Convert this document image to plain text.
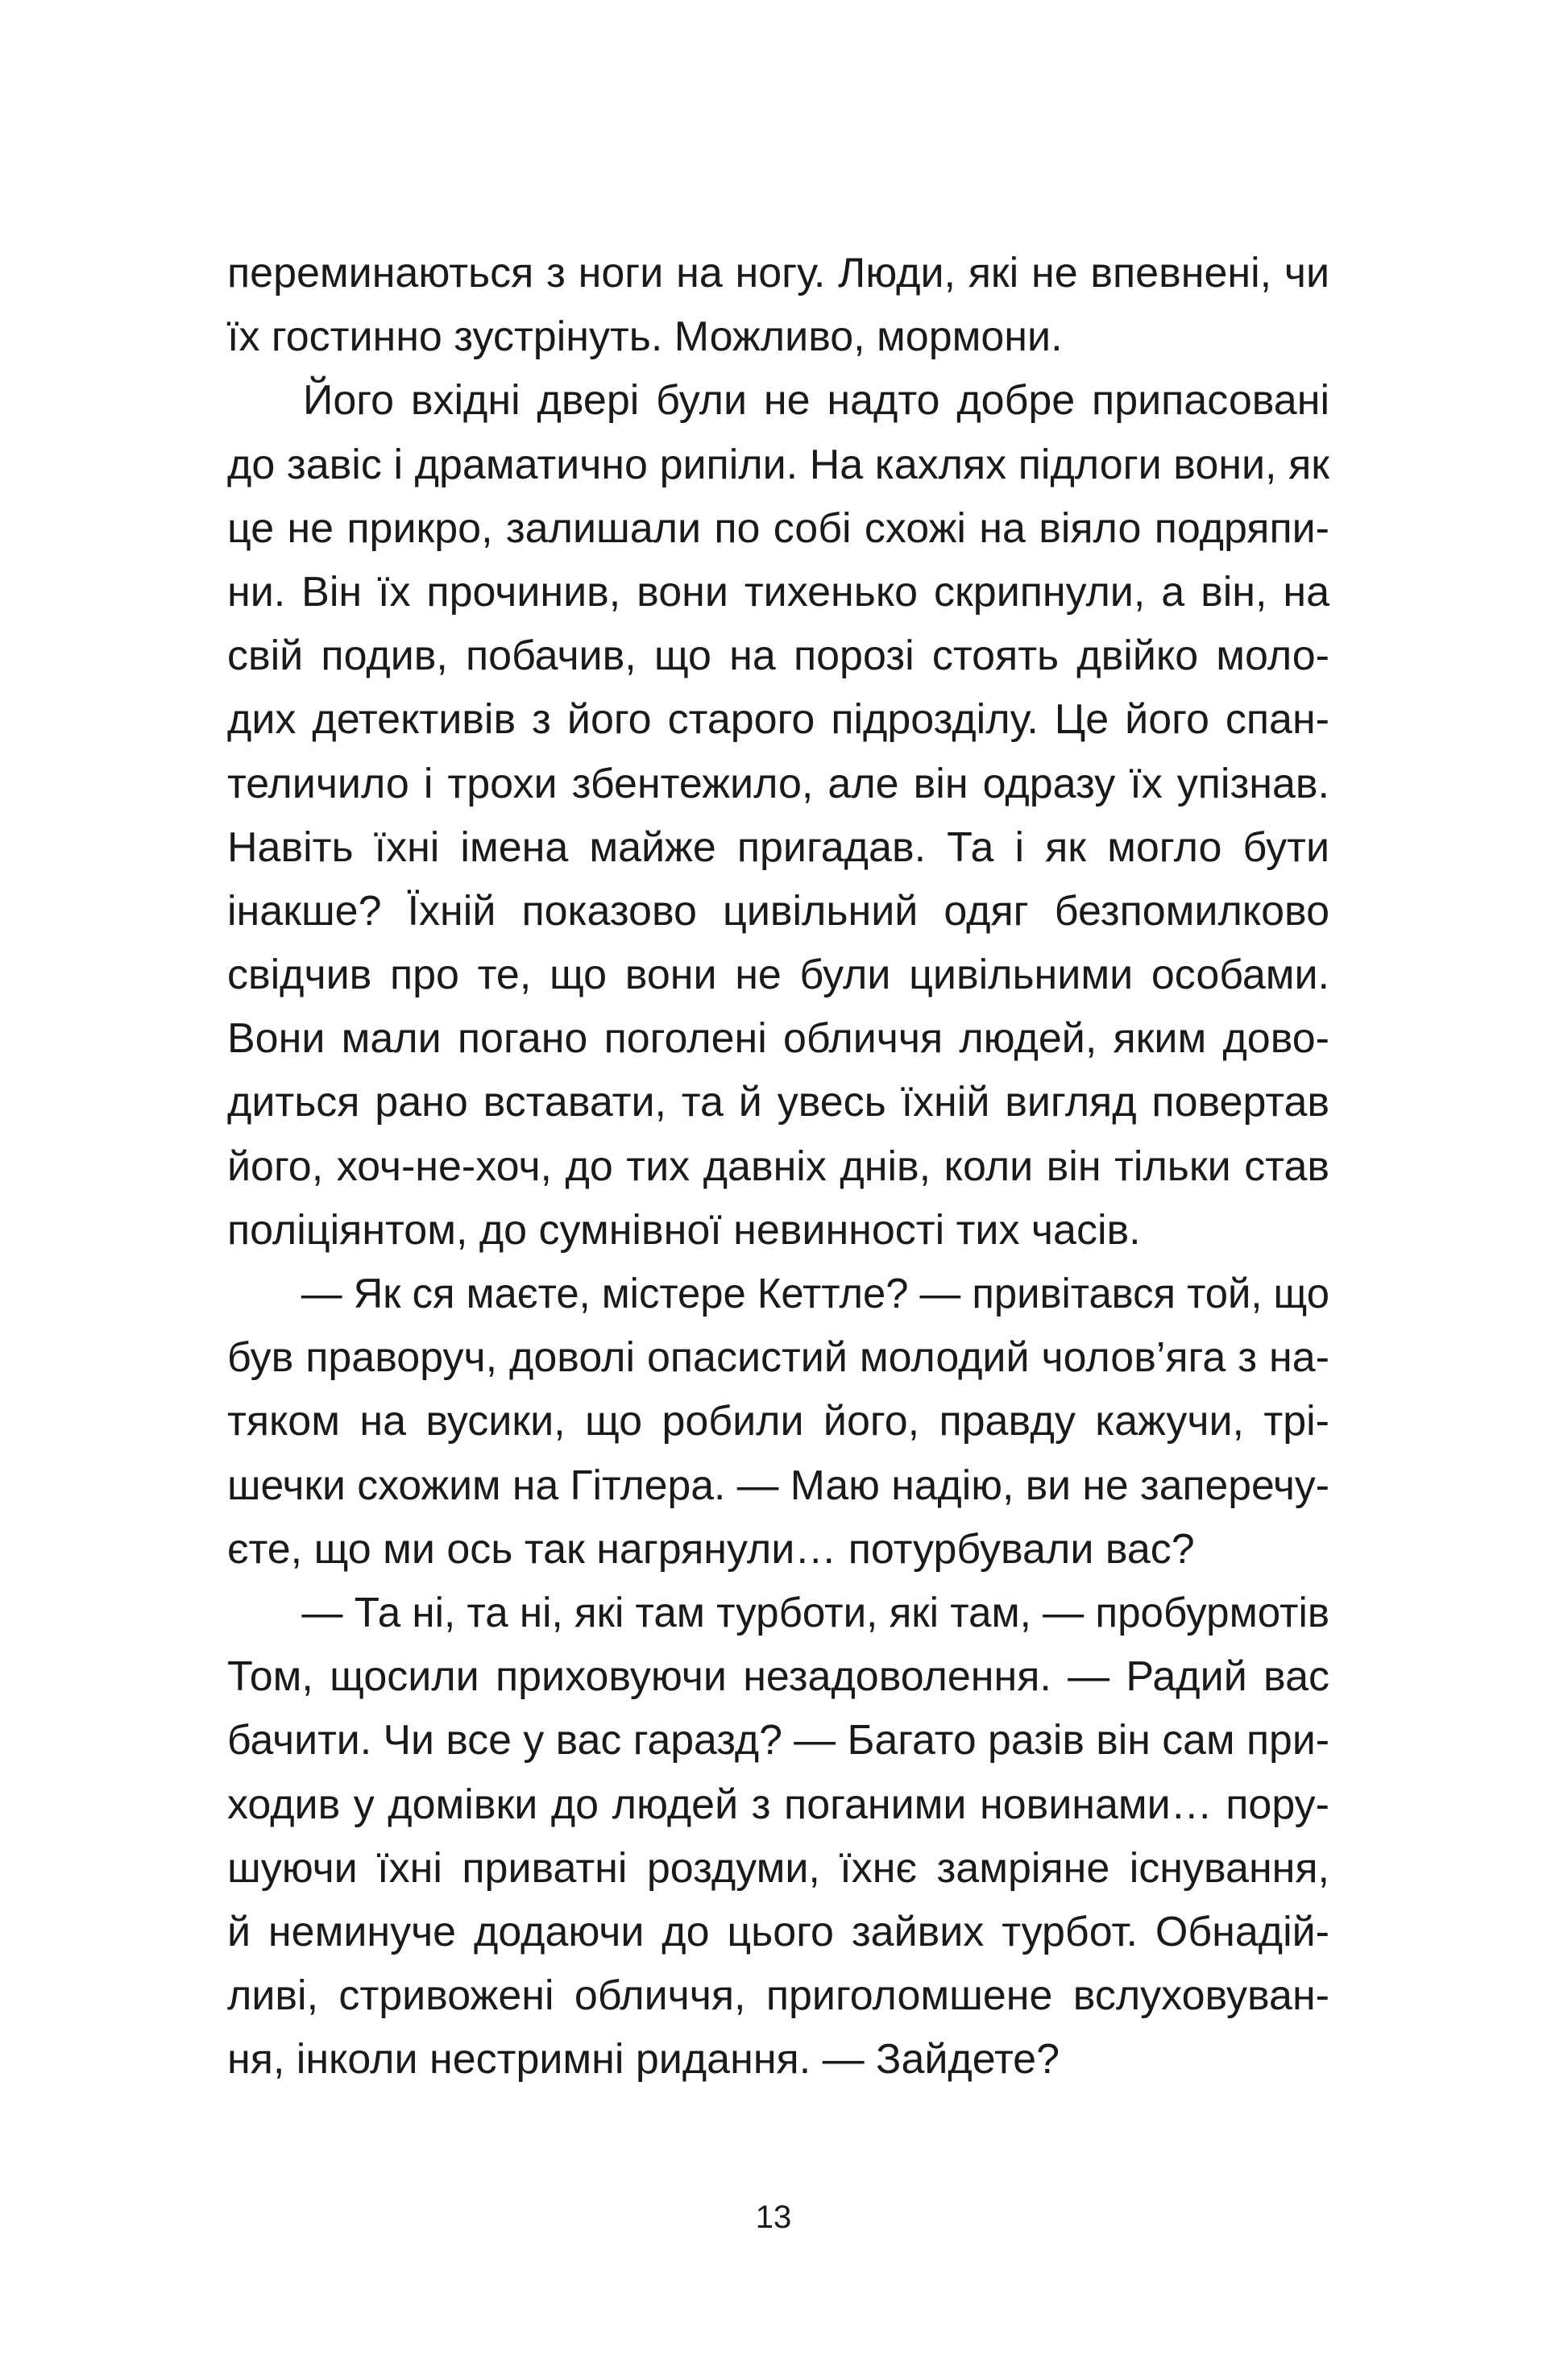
переминаються з ноги на ногу. Люди, які не впевнені, чи
їх гостинно зустрінуть. Можливо, мормони.
Його вхідні двері були не надто добре припасовані
до завіс і драматично рипіли. На кахлях підлоги вони, як
це не прикро, залишали по собі схожі на віяло подряпи-
ни. Він їх прочинив, вони тихенько скрипнули, а він, на
свій подив, побачив, що на порозі стоять двійко моло-
дих детективів з його старого підрозділу. Це його спан-
теличило і трохи збентежило, але він одразу їх упізнав.
Навіть їхні імена майже пригадав. Та і як могло бути
інакше? Їхній показово цивільний одяг безпомилково
свідчив про те, що вони не були цивільними особами.
Вони мали погано поголені обличчя людей, яким дово-
диться рано вставати, та й увесь їхній вигляд повертав
його, хоч-не-хоч, до тих давніх днів, коли він тільки став
поліціянтом, до сумнівної невинності тих часів.
— Як ся маєте, містере Кеттле? — привітався той, що
був праворуч, доволі опасистий молодий чолов’яга з на-
тяком на вусики, що робили його, правду кажучи, трі-
шечки схожим на Гітлера. — Маю надію, ви не заперечу-
єте, що ми ось так нагрянули… потурбували вас?
— Та ні, та ні, які там турботи, які там, — пробурмотів
Том, щосили приховуючи незадоволення. — Радий вас
бачити. Чи все у вас гаразд? — Багато разів він сам при-
ходив у домівки до людей з поганими новинами… пору-
шуючи їхні приватні роздуми, їхнє замріяне існування,
й неминуче додаючи до цього зайвих турбот. Обнадій-
ливі, стривожені обличчя, приголомшене вслуховуван-
ня, інколи нестримні ридання. — Зайдете?
13
